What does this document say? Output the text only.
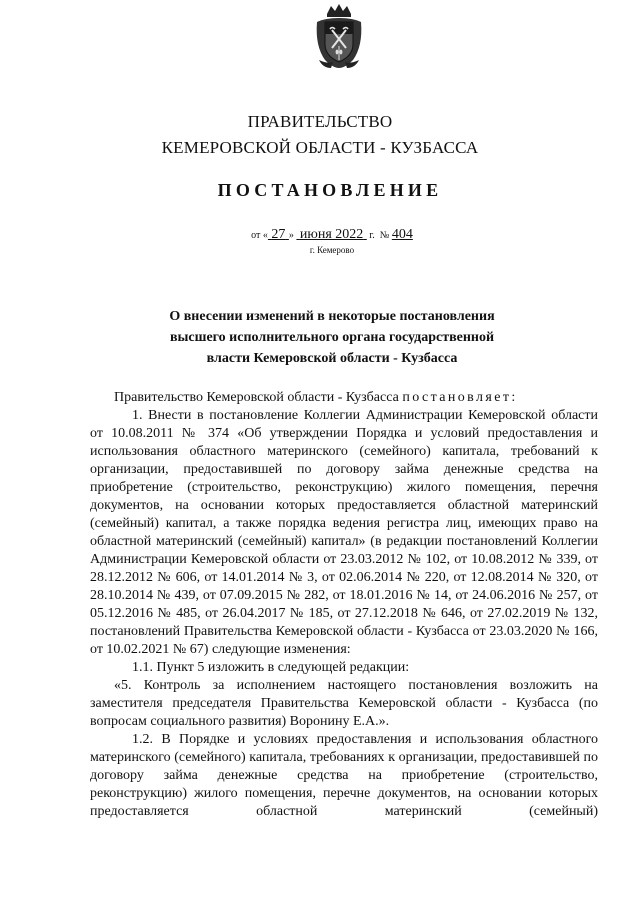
ПРАВИТЕЛЬСТВО
КЕМЕРОВСКОЙ ОБЛАСТИ - КУЗБАССА
ПОСТАНОВЛЕНИЕ
от « 27 » июня 2022 г. № 404
г. Кемерово
О внесении изменений в некоторые постановления
высшего исполнительного органа государственной
власти Кемеровской области - Кузбасса

Правительство Кемеровской области - Кузбасса постановляет:

1. Внести в постановление Коллегии Администрации Кемеровской области от 10.08.2011 № 374 «Об утверждении Порядка и условий предоставления и использования областного материнского (семейного) капитала, требований к организации, предоставившей по договору займа денежные средства на приобретение (строительство, реконструкцию) жилого помещения, перечня документов, на основании которых предоставляется областной материнский (семейный) капитал, а также порядка ведения регистра лиц, имеющих право на областной материнский (семейный) капитал» (в редакции постановлений Коллегии Администрации Кемеровской области от 23.03.2012 № 102, от 10.08.2012 № 339, от 28.12.2012 № 606, от 14.01.2014 № 3, от 02.06.2014 № 220, от 12.08.2014 № 320, от 28.10.2014 № 439, от 07.09.2015 № 282, от 18.01.2016 № 14, от 24.06.2016 № 257, от 05.12.2016 № 485, от 26.04.2017 № 185, от 27.12.2018 № 646, от 27.02.2019 № 132, постановлений Правительства Кемеровской области - Кузбасса от 23.03.2020 № 166, от 10.02.2021 № 67) следующие изменения:

1.1. Пункт 5 изложить в следующей редакции:

«5. Контроль за исполнением настоящего постановления возложить на заместителя председателя Правительства Кемеровской области - Кузбасса (по вопросам социального развития) Воронину Е.А.».

1.2. В Порядке и условиях предоставления и использования областного материнского (семейного) капитала, требованиях к организации, предоставившей по договору займа денежные средства на приобретение (строительство, реконструкцию) жилого помещения, перечне документов, на основании которых предоставляется областной материнский (семейный)
